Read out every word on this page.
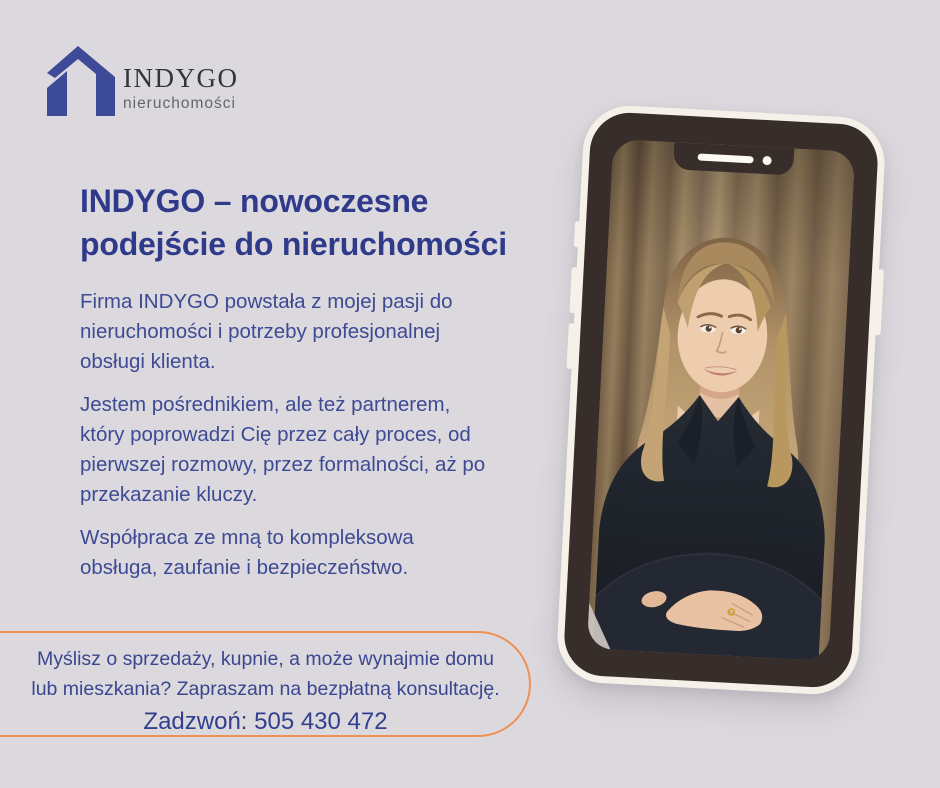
INDYGO
nieruchomości
INDYGO – nowoczesne
podejście do nieruchomości

Firma INDYGO powstała z mojej pasji do
nieruchomości i potrzeby profesjonalnej
obsługi klienta.

Jestem pośrednikiem, ale też partnerem,
który poprowadzi Cię przez cały proces, od
pierwszej rozmowy, przez formalności, aż po
przekazanie kluczy.

Współpraca ze mną to kompleksowa
obsługa, zaufanie i bezpieczeństwo.

Myślisz o sprzedaży, kupnie, a może wynajmie domu
lub mieszkania? Zapraszam na bezpłatną konsultację.
Zadzwoń: 505 430 472
